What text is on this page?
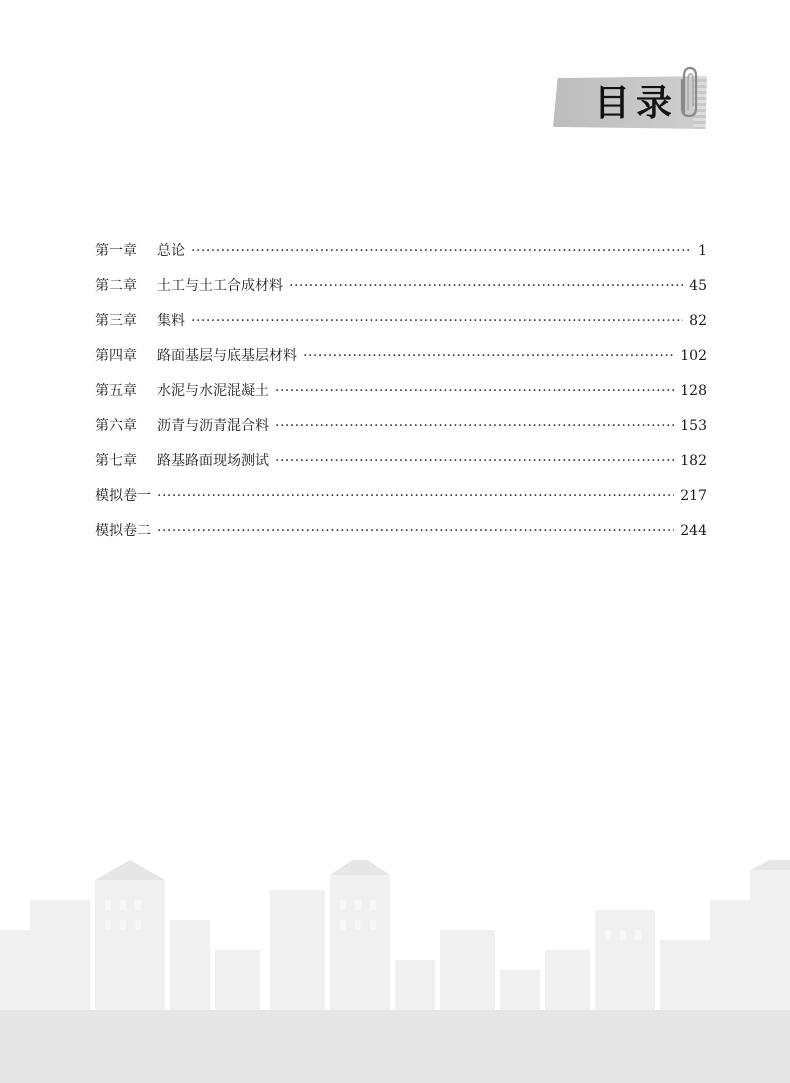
目录
第一章	总论 ·····	1
第二章	土工与土工合成材料 ·····	45
第三章	集料 ·····	82
第四章	路面基层与底基层材料 ·····	102
第五章	水泥与水泥混凝土 ·····	128
第六章	沥青与沥青混合料 ·····	153
第七章	路基路面现场测试 ·····	182
模拟卷一 ·····	217
模拟卷二 ·····	244
